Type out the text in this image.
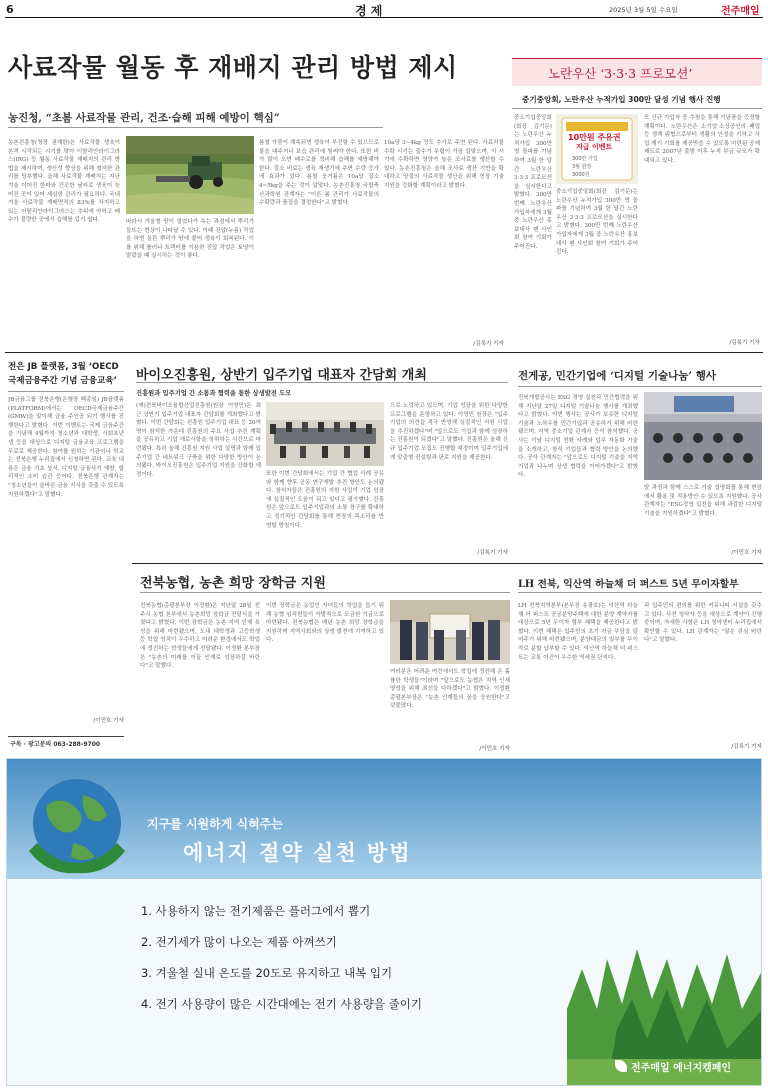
6	경 제	2025년 3월 5일 수요일	전주매일
사료작물 월동 후 재배지 관리 방법 제시
농진청, “초봄 사료작물 관리, 건조·습해 피해 예방이 핵심”
농촌진흥청(청장 권재한)은 사료작물 생육이 본격 시작되는 시기를 맞아 이탈리안라이그라스(IRG) 등 월동 사료작물 재배지의 관리 방법을 제시하며, 생산성 향상을 위해 철저한 관리를 당부했다. 올해 사료작물 재배지는 지난 겨울 이어진 한파와 건조한 날씨로 생육이 늦어진 곳이 있어 세심한 관리가 필요하다. 국내 겨울 사료작물 재배면적의 83%를 차지하고 있는 이탈리안라이그라스는 추위에 약하고 배수가 불량한 곳에서 습해를 입기 쉽다.	따라서 겨울철 땅이 얼었다가 녹는 과정에서 뿌리가 들뜨는 현상이 나타날 수 있다. 이때 진압(누름) 작업을 하면 들뜬 뿌리가 땅에 붙어 생육이 회복된다. 이를 위해 롤러나 트랙터를 이용한 진압 작업은 토양이 말랐을 때 실시하는 것이 좋다.
봄철 가뭄이 계속되면 생육이 부진할 수 있으므로 물을 대주거나 보습 관리에 힘써야 한다. 또한 비가 많이 오면 배수로를 정비해 습해를 예방해야 한다. 질소 비료는 생육 재생기에 주면 수량 증가에 효과가 있다. 봄철 웃거름은 10a당 질소 4~5kg을 주는 것이 알맞다. 농촌진흥청 국립축산과학원 관계자는 "이른 봄 관리가 사료작물의 수확량과 품질을 결정한다"고 밝혔다.
10a당 3~4kg 정도 추가로 주면 된다. 사료작물 수확 시기는 출수기 무렵이 가장 알맞으며, 이 시기에 수확하면 영양가 높은 조사료를 생산할 수 있다. 농촌진흥청은 올해 조사료 생산 기반을 확대하고 양질의 사료작물 생산을 위해 현장 기술 지원을 강화할 계획이라고 밝혔다.
/김록기 기자
노란우산 ‘3·3·3 프로모션’
중기중앙회, 노란우산 누적가입 300만 달성 기념 행사 진행
중소기업중앙회(회장 김기문)는 노란우산 누적가입 300만 명 돌파를 기념하여 3월 한 달간 노란우산 3·3·3 프로모션을 실시한다고 밝혔다. 300만 번째 노란우산 가입자에게 3월 중 노란우산 홍보대사 팬 사인회 참여 기회가 주어진다.
10만원 주유권
지급 이벤트
300만 가입
3월 한정
3000원
중소기업중앙회(회장 김기문)는 노란우산 누적가입 300만 명 돌파를 기념하여 3월 한 달간 노란우산 3·3·3 프로모션을 실시한다고 밝혔다. 300만 번째 노란우산 가입자에게 3월 중 노란우산 홍보대사 팬 사인회 참여 기회가 주어진다.
또 신규 가입자 중 추첨을 통해 기념품을 증정할 계획이다. 노란우산은 소기업·소상공인의 폐업 등 생계 위협으로부터 생활의 안정을 기하고 사업 재기 기회를 제공받을 수 있도록 마련된 공제제도로 2007년 출범 이후 누적 부금 규모가 확대되고 있다.
/김록기 기자
전은 JB 플랫폼, 3월 ‘OECD
국제금융주간 기념 금융교육’
JB금융그룹 전북은행(은행장 백종일) JB플랫폼(PLATFORM)에서는 OECD국제금융주간(GMW)을 맞이해 금융 주인공 되기 행사를 진행한다고 밝혔다. 이번 이벤트는 국제 금융주간을 기념해 4월까지 청소년과 대학생, 사회초년생 등을 대상으로 디지털 금융교육 프로그램을 무료로 제공한다. 참여를 원하는 기관이나 학교는 전북은행 누리집에서 신청하면 된다. 교육 내용은 금융 기초 상식, 디지털 금융사기 예방, 합리적인 소비 습관 등이다. 전북은행 관계자는 "청소년들이 올바른 금융 지식을 갖출 수 있도록 지원하겠다"고 말했다.
/이민호 기자
구독 · 광고문의 063-288-9700
바이오진흥원, 상반기 입주기업 대표자 간담회 개최
진흥원과 입주기업 간 소통과 협력을 통한 상생발전 도모
(재)전북바이오융합산업진흥원(원장 이영민)은 최근 상반기 입주기업 대표자 간담회를 개최했다고 밝혔다. 이번 간담회는 진흥원 입주기업 대표 등 20여 명이 참석한 가운데 진흥원의 주요 사업 추진 계획을 공유하고 기업 애로사항을 청취하는 시간으로 마련됐다. 특히 올해 진흥원 지원 사업 설명과 함께 입주기업 간 네트워크 구축을 위한 다양한 방안이 논의됐다. 바이오진흥원은 입주기업 지원을 강화할 예정이다.	또한 이번 간담회에서는 기업 간 협업 사례 공유와 함께 향후 공동 연구개발 추진 방안도 논의됐다. 참석자들은 진흥원의 지원 사업이 기업 성장에 실질적인 도움이 되고 있다고 평가했다. 진흥원은 앞으로도 입주기업과의 소통 창구를 확대하고 정기적인 간담회를 통해 현장의 목소리를 반영할 방침이다.
으로 노력하고 있으며, 기업 성장을 위한 다양한 프로그램을 운영하고 있다. 이영민 원장은 "입주기업의 의견을 적극 반영해 실질적인 지원 사업을 추진하겠다"며 "앞으로도 기업과 함께 성장하는 진흥원이 되겠다"고 말했다. 진흥원은 올해 신규 입주기업 모집도 진행할 예정이며 입주기업에게 맞춤형 컨설팅과 판로 지원을 제공한다.
/김록기 기자
전게공, 민간기업에 ‘디지털 기술나눔’ 행사
전북개발공사는 ESG 경영 실천과 민간협력을 위해 지난달 27일 디지털 기술나눔 행사를 개최했다고 밝혔다. 이번 행사는 공사가 보유한 디지털 기술과 노하우를 민간기업과 공유하기 위해 마련됐으며, 지역 중소기업 관계자 등이 참석했다. 공사는 이날 디지털 전환 사례와 업무 자동화 기술을 소개하고, 참석 기업들과 협력 방안을 논의했다. 공사 관계자는 "앞으로도 디지털 기술을 지역 기업과 나누며 상생 협력을 이어가겠다"고 밝혔다.
발 과정과 함께 스스로 기술 설명회를 통해 현장에서 활용 및 적용방안 수 있도록 지원했다. 공사 관계자는 "ESG경영 실천을 위해 과감한 디지털 기술을 지원하겠다"고 밝혔다.
/이민호 기자
전북농협, 농촌 희망 장학금 지원
전북농협(총괄본부장 이정환)은 지난달 28일 전주시 농협 본부에서 농촌희망 장학금 전달식을 가졌다고 밝혔다. 이번 장학금은 농촌 지역 인재 육성을 위해 마련됐으며, 도내 대학생과 고등학생 등 학업 성적이 우수하고 어려운 환경에서도 학업에 정진하는 학생들에게 전달됐다. 이정환 본부장은 "농촌의 미래를 이끌 인재로 성장하길 바란다"고 말했다.
이번 장학금은 농업인 자녀들의 학업을 돕기 위해 농협 임직원들이 자발적으로 모금한 기금으로 마련됐다. 전북농협은 매년 농촌 희망 장학금을 지원하며 지역사회와의 상생 발전에 기여하고 있다.
여러분은 어려운 여건에서도 학업에 정진해 온 훌륭한 학생들"이라며 "앞으로도 농협은 지역 인재 양성을 위해 최선을 다하겠다"고 밝혔다. 이정환 총괄본부장은 "농촌 인재들의 꿈을 응원한다"고 덧붙였다.
/이민호 기자
LH 전북, 익산역 하늘채 더 퍼스트 5년 무이자할부
LH 전북지역본부(본부장 송광호)는 익산역 하늘채 더 퍼스트 공공분양주택에 대한 분양 계약자를 대상으로 5년 무이자 할부 혜택을 제공한다고 밝혔다. 이번 혜택은 입주민의 초기 자금 부담을 덜어주기 위해 마련됐으며, 분양대금의 일부를 무이자로 분할 납부할 수 있다. 익산역 하늘채 더 퍼스트는 교통 여건이 우수한 역세권 단지다.
과 입주민의 편의를 위한 커뮤니티 시설을 갖추고 있다. 사전 청약자 등을 대상으로 계약이 진행 중이며, 자세한 사항은 LH 청약센터 누리집에서 확인할 수 있다. LH 관계자는 "많은 관심 바란다"고 말했다.
/김록기 기자
지구를 시원하게 식혀주는
에너지 절약 실천 방법
1. 사용하지 않는 전기제품은 플러그에서 뽑기
2. 전기세가 많이 나오는 제품 아껴쓰기
3. 겨울철 실내 온도를 20도로 유지하고 내복 입기
4. 전기 사용량이 많은 시간대에는 전기 사용량을 줄이기
전주매일 에너지캠페인
